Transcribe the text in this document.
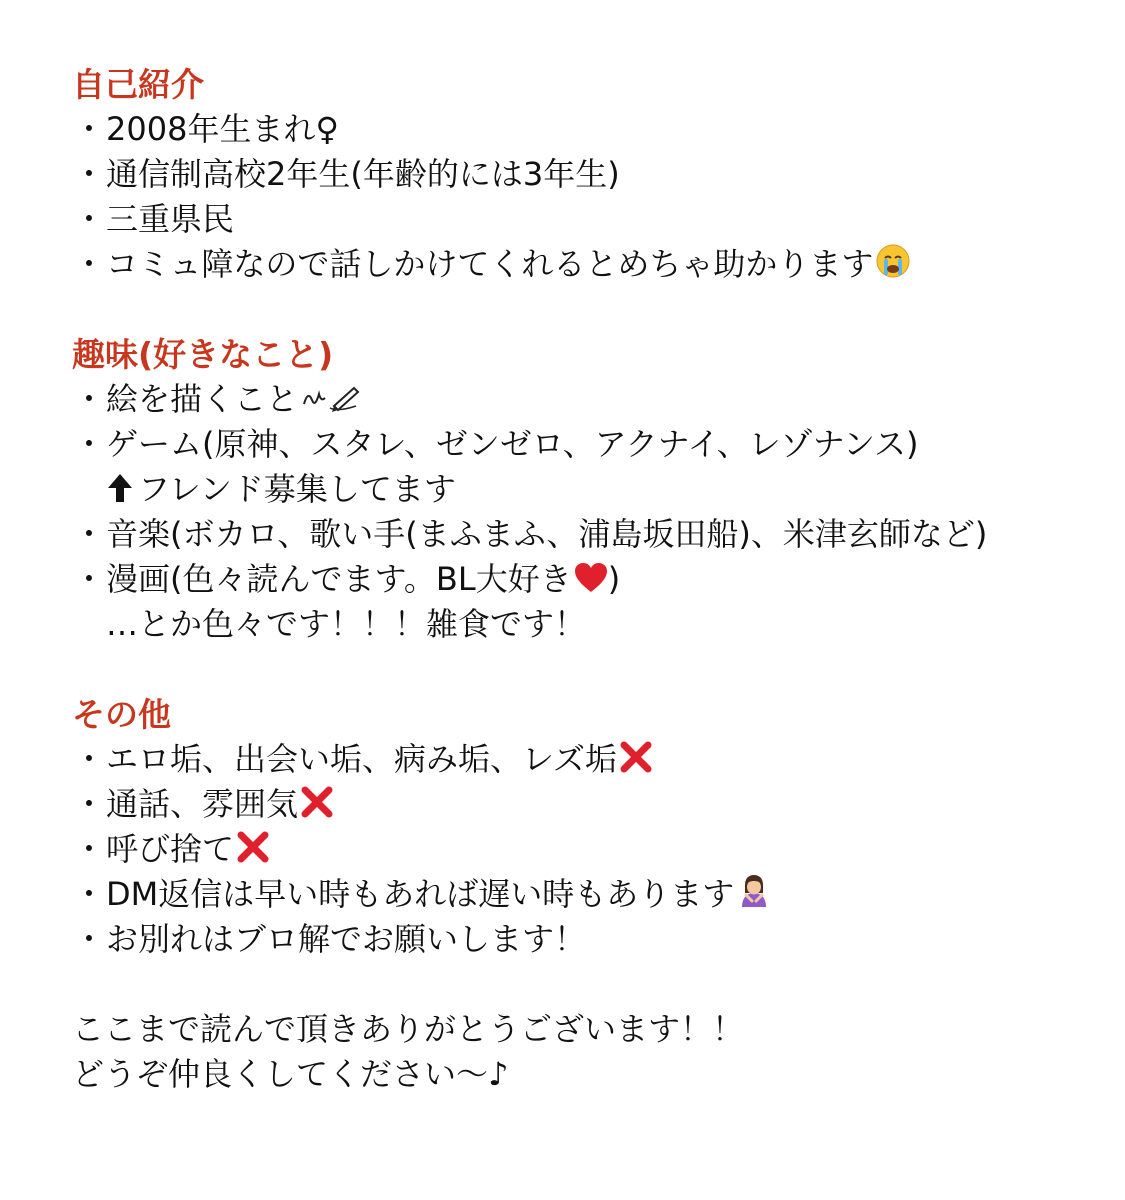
自己紹介
・2008年生まれ♀
・通信制高校2年生(年齢的には3年生)
・三重県民
・コミュ障なので話しかけてくれるとめちゃ助かります
趣味(好きなこと)
・絵を描くこと
・ゲーム(原神、スタレ、ゼンゼロ、アクナイ、レゾナンス)
フレンド募集してます
・音楽(ボカロ、歌い手(まふまふ、浦島坂田船)、米津玄師など)
・漫画(色々読んでます。BL大好き )
…とか色々です！！！雑食です！
その他
・エロ垢、出会い垢、病み垢、レズ垢
・通話、雰囲気
・呼び捨て
・DM返信は早い時もあれば遅い時もあります
・お別れはブロ解でお願いします！
ここまで読んで頂きありがとうございます！！
どうぞ仲良くしてください〜♪
